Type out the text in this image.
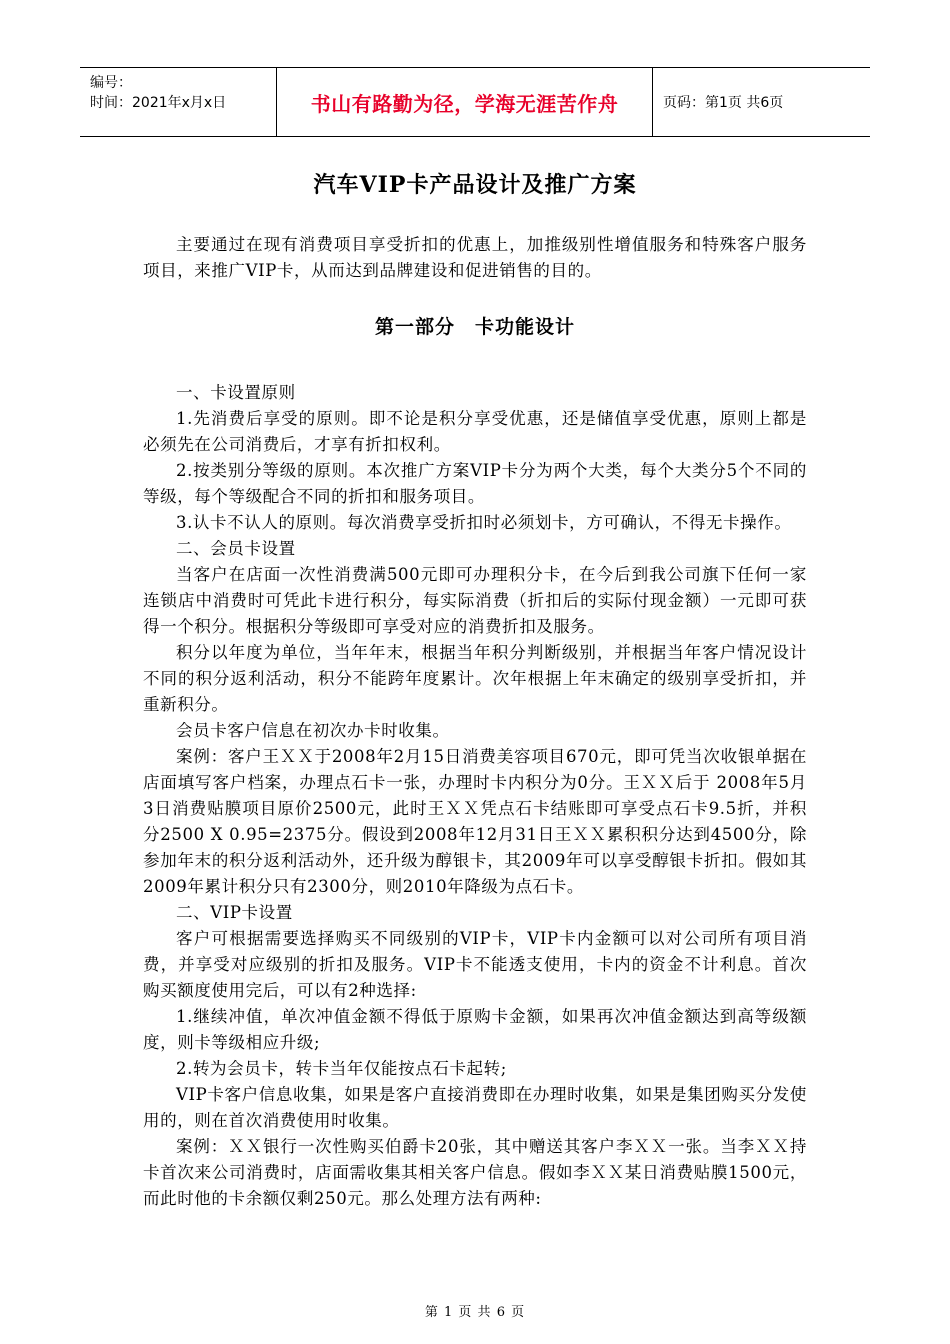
编号：
时间：2021年x月x日	书山有路勤为径，学海无涯苦作舟	页码：第1页 共6页
汽车VIP卡产品设计及推广方案

主要通过在现有消费项目享受折扣的优惠上，加推级别性增值服务和特殊客户服务项目，来推广VIP卡，从而达到品牌建设和促进销售的目的。

第一部分　卡功能设计

一、卡设置原则

1.先消费后享受的原则。即不论是积分享受优惠，还是储值享受优惠，原则上都是必须先在公司消费后，才享有折扣权利。

2.按类别分等级的原则。本次推广方案VIP卡分为两个大类，每个大类分5个不同的等级，每个等级配合不同的折扣和服务项目。

3.认卡不认人的原则。每次消费享受折扣时必须划卡，方可确认，不得无卡操作。

二、会员卡设置

当客户在店面一次性消费满500元即可办理积分卡，在今后到我公司旗下任何一家连锁店中消费时可凭此卡进行积分，每实际消费（折扣后的实际付现金额）一元即可获得一个积分。根据积分等级即可享受对应的消费折扣及服务。

积分以年度为单位，当年年末，根据当年积分判断级别，并根据当年客户情况设计不同的积分返利活动，积分不能跨年度累计。次年根据上年末确定的级别享受折扣，并重新积分。

会员卡客户信息在初次办卡时收集。

案例：客户王ＸＸ于2008年2月15日消费美容项目670元，即可凭当次收银单据在店面填写客户档案，办理点石卡一张，办理时卡内积分为0分。王ＸＸ后于 2008年5月3日消费贴膜项目原价2500元，此时王ＸＸ凭点石卡结账即可享受点石卡9.5折，并积分2500 X 0.95=2375分。假设到2008年12月31日王ＸＸ累积积分达到4500分，除参加年末的积分返利活动外，还升级为醇银卡，其2009年可以享受醇银卡折扣。假如其2009年累计积分只有2300分，则2010年降级为点石卡。

二、VIP卡设置

客户可根据需要选择购买不同级别的VIP卡，VIP卡内金额可以对公司所有项目消费，并享受对应级别的折扣及服务。VIP卡不能透支使用，卡内的资金不计利息。首次购买额度使用完后，可以有2种选择:

1.继续冲值，单次冲值金额不得低于原购卡金额，如果再次冲值金额达到高等级额度，则卡等级相应升级;

2.转为会员卡，转卡当年仅能按点石卡起转;

VIP卡客户信息收集，如果是客户直接消费即在办理时收集，如果是集团购买分发使用的，则在首次消费使用时收集。

案例：ＸＸ银行一次性购买伯爵卡20张，其中赠送其客户李ＸＸ一张。当李ＸＸ持卡首次来公司消费时，店面需收集其相关客户信息。假如李ＸＸ某日消费贴膜1500元，而此时他的卡余额仅剩250元。那么处理方法有两种:

第 1 页 共 6 页
